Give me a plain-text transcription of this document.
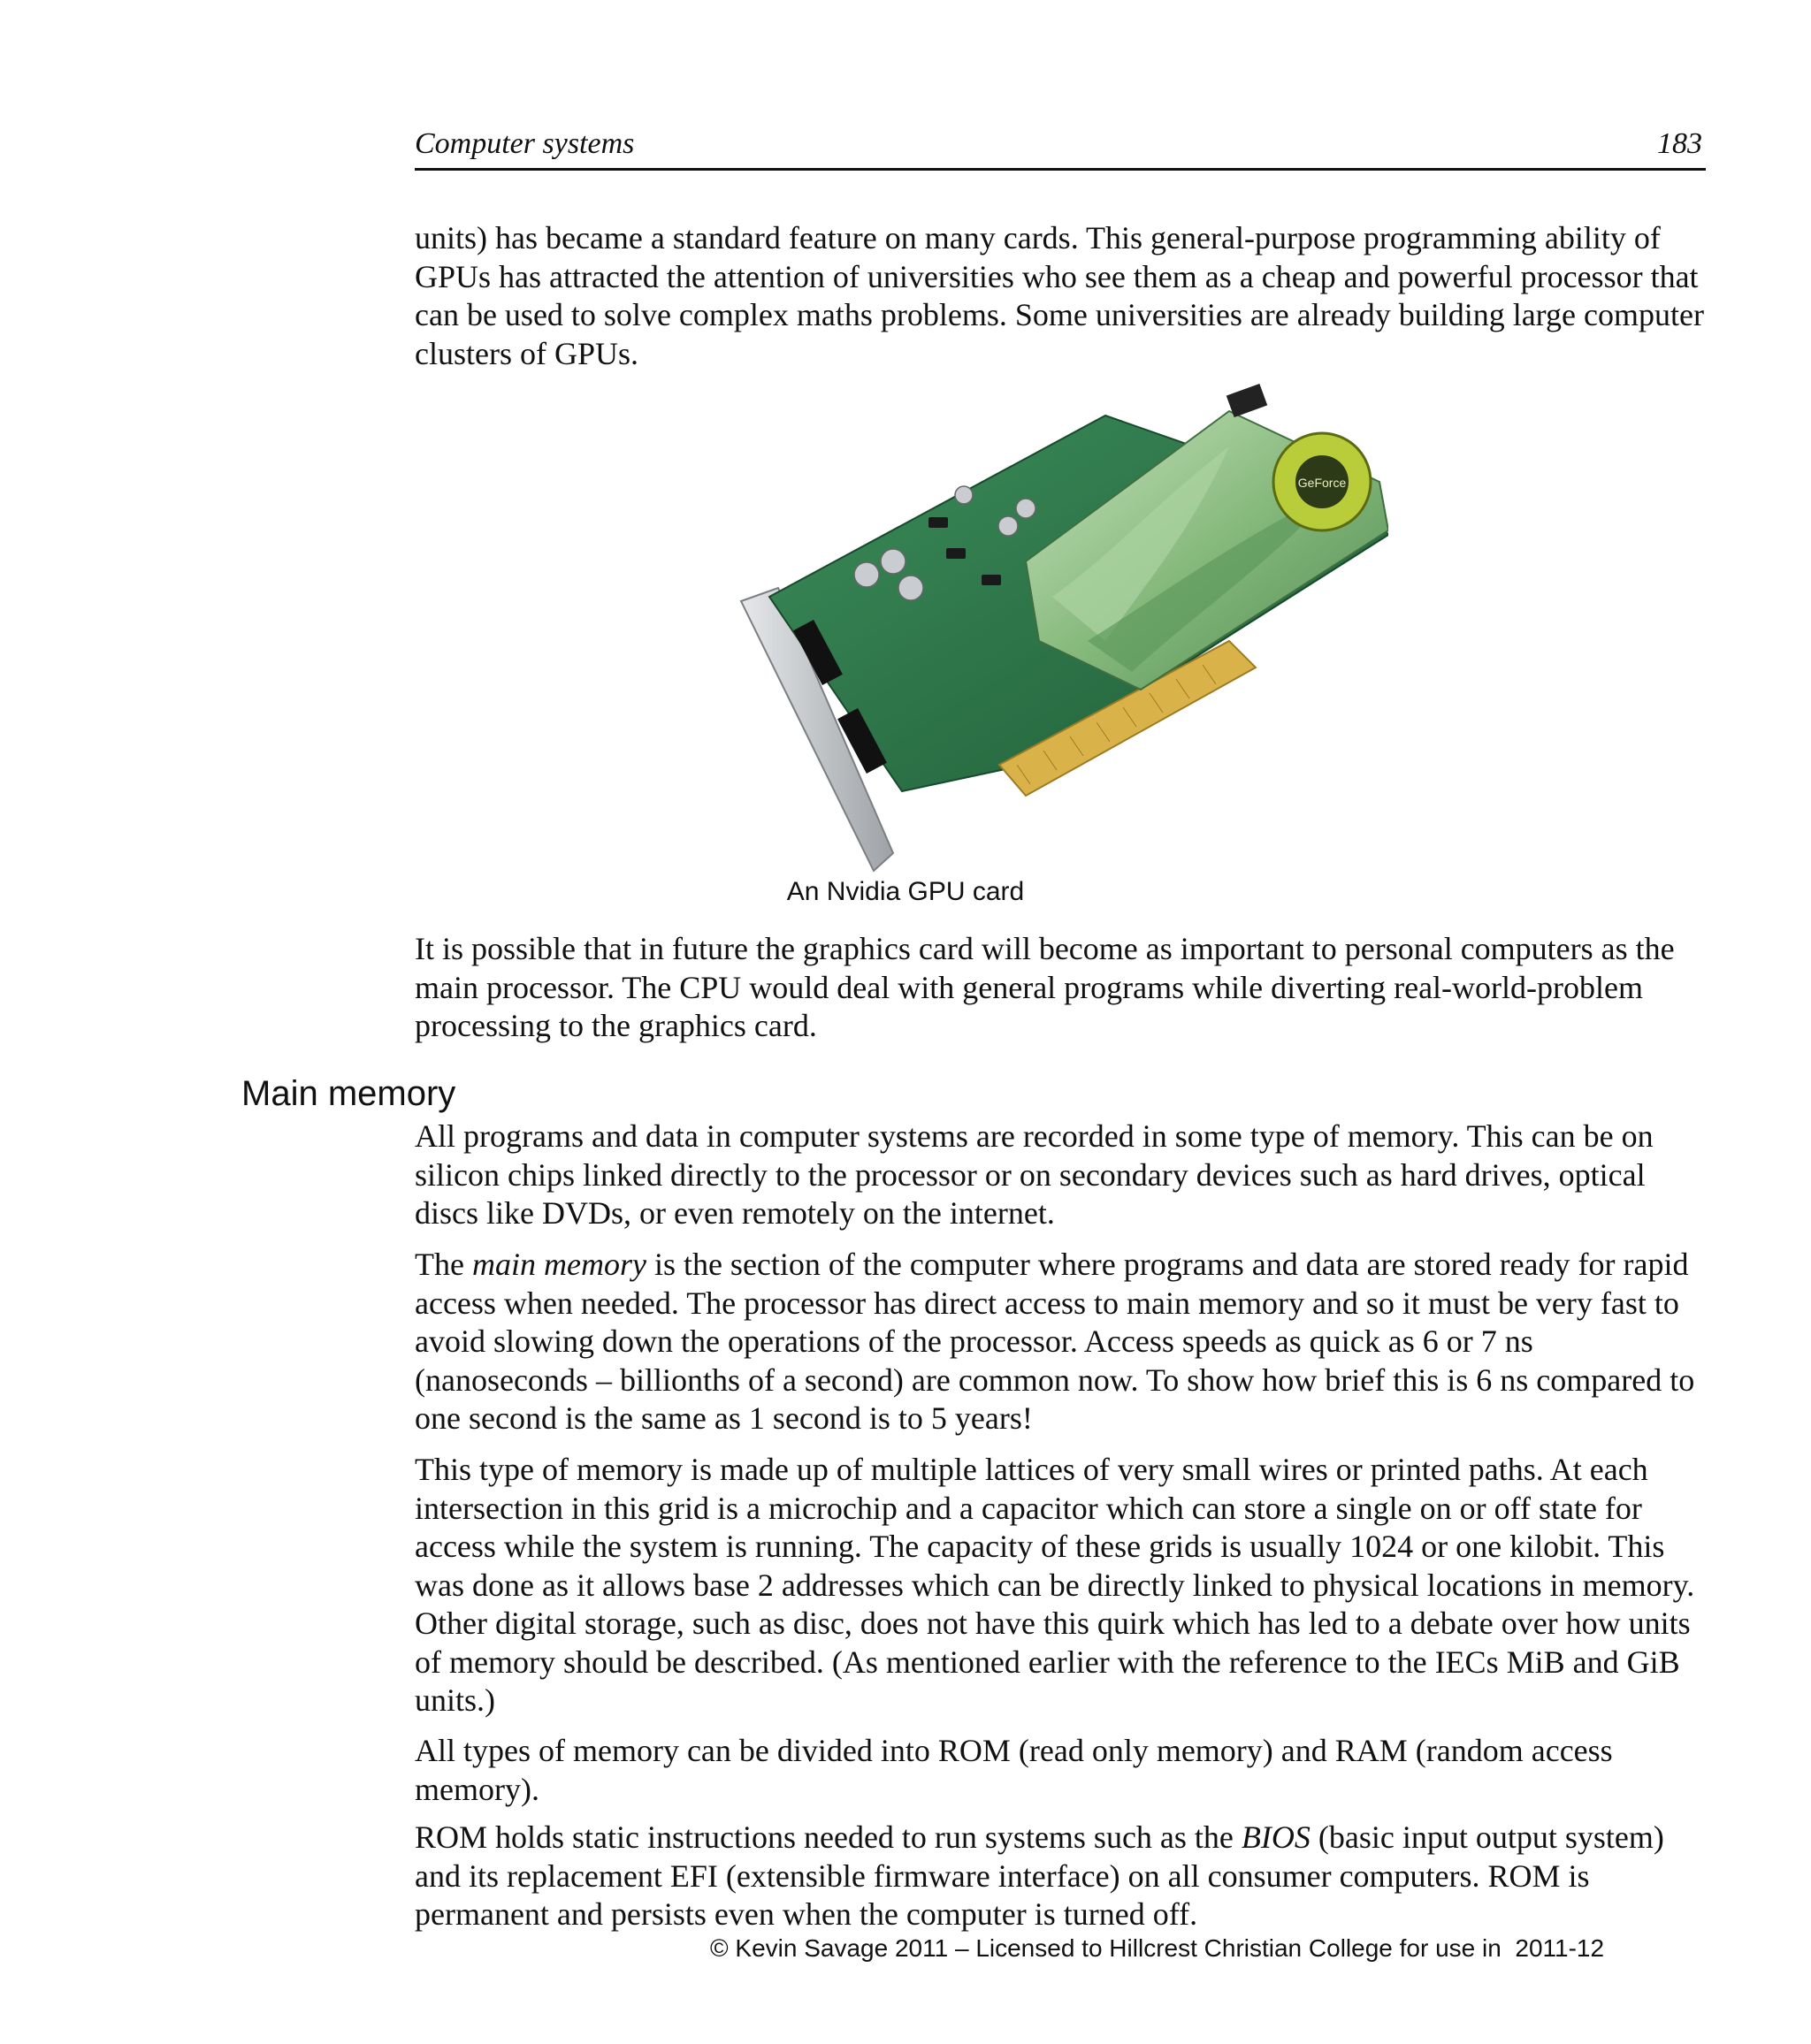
Computer systems	183

units) has became a standard feature on many cards. This general-purpose programming ability of GPUs has attracted the attention of universities who see them as a cheap and powerful processor that can be used to solve complex maths problems. Some universities are already building large computer clusters of GPUs.

GeForce
An Nvidia GPU card

It is possible that in future the graphics card will become as important to personal computers as the main processor. The CPU would deal with general programs while diverting real-world-problem processing to the graphics card.

Main memory

All programs and data in computer systems are recorded in some type of memory. This can be on silicon chips linked directly to the processor or on secondary devices such as hard drives, optical discs like DVDs, or even remotely on the internet.

The main memory is the section of the computer where programs and data are stored ready for rapid access when needed. The processor has direct access to main memory and so it must be very fast to avoid slowing down the operations of the processor. Access speeds as quick as 6 or 7 ns (nanoseconds – billionths of a second) are common now. To show how brief this is 6 ns compared to one second is the same as 1 second is to 5 years!

This type of memory is made up of multiple lattices of very small wires or printed paths. At each intersection in this grid is a microchip and a capacitor which can store a single on or off state for access while the system is running. The capacity of these grids is usually 1024 or one kilobit. This was done as it allows base 2 addresses which can be directly linked to physical locations in memory. Other digital storage, such as disc, does not have this quirk which has led to a debate over how units of memory should be described. (As mentioned earlier with the reference to the IECs MiB and GiB units.)

All types of memory can be divided into ROM (read only memory) and RAM (random access memory).

ROM holds static instructions needed to run systems such as the BIOS (basic input output system) and its replacement EFI (extensible firmware interface) on all consumer computers. ROM is permanent and persists even when the computer is turned off.

© Kevin Savage 2011 – Licensed to Hillcrest Christian College for use in  2011-12
